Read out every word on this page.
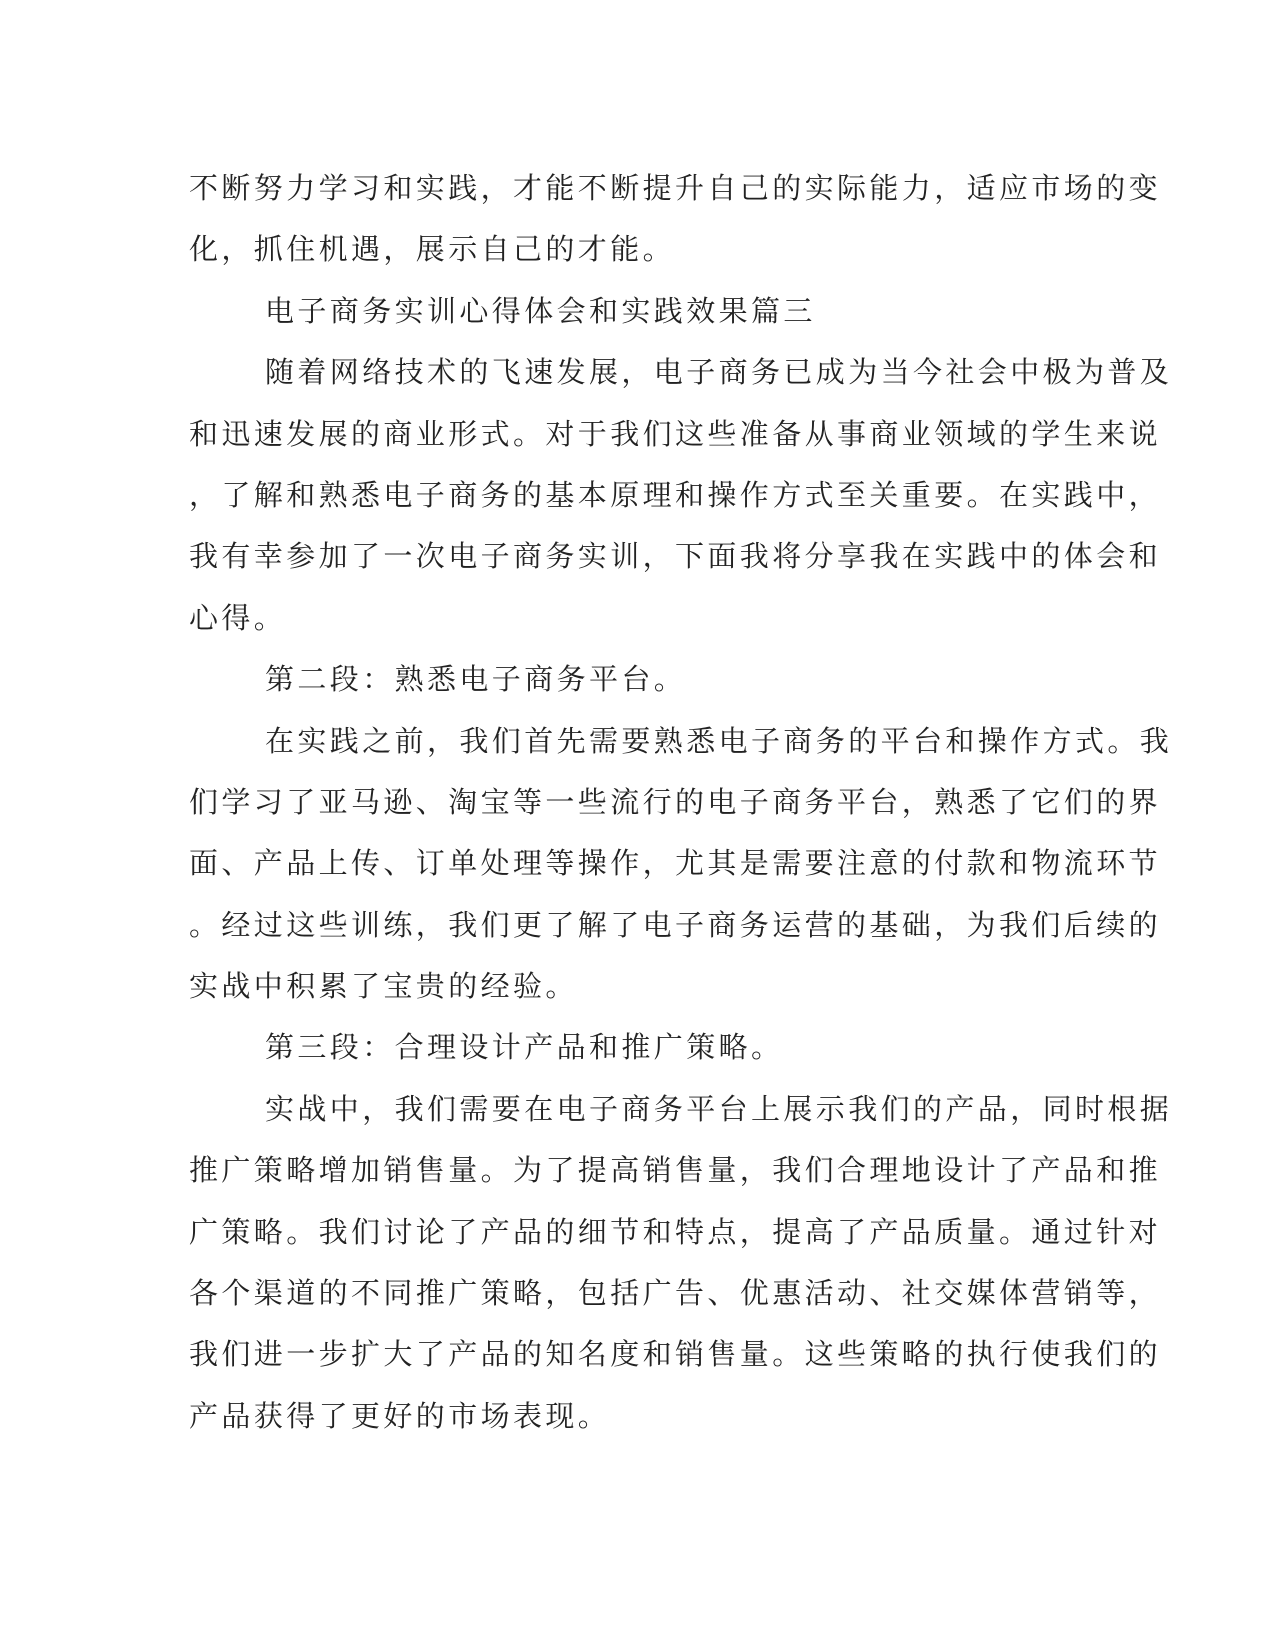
不断努力学习和实践，才能不断提升自己的实际能力，适应市场的变
化，抓住机遇，展示自己的才能。
电子商务实训心得体会和实践效果篇三
随着网络技术的飞速发展，电子商务已成为当今社会中极为普及
和迅速发展的商业形式。对于我们这些准备从事商业领域的学生来说
，了解和熟悉电子商务的基本原理和操作方式至关重要。在实践中，
我有幸参加了一次电子商务实训，下面我将分享我在实践中的体会和
心得。
第二段：熟悉电子商务平台。
在实践之前，我们首先需要熟悉电子商务的平台和操作方式。我
们学习了亚马逊、淘宝等一些流行的电子商务平台，熟悉了它们的界
面、产品上传、订单处理等操作，尤其是需要注意的付款和物流环节
。经过这些训练，我们更了解了电子商务运营的基础，为我们后续的
实战中积累了宝贵的经验。
第三段：合理设计产品和推广策略。
实战中，我们需要在电子商务平台上展示我们的产品，同时根据
推广策略增加销售量。为了提高销售量，我们合理地设计了产品和推
广策略。我们讨论了产品的细节和特点，提高了产品质量。通过针对
各个渠道的不同推广策略，包括广告、优惠活动、社交媒体营销等，
我们进一步扩大了产品的知名度和销售量。这些策略的执行使我们的
产品获得了更好的市场表现。
